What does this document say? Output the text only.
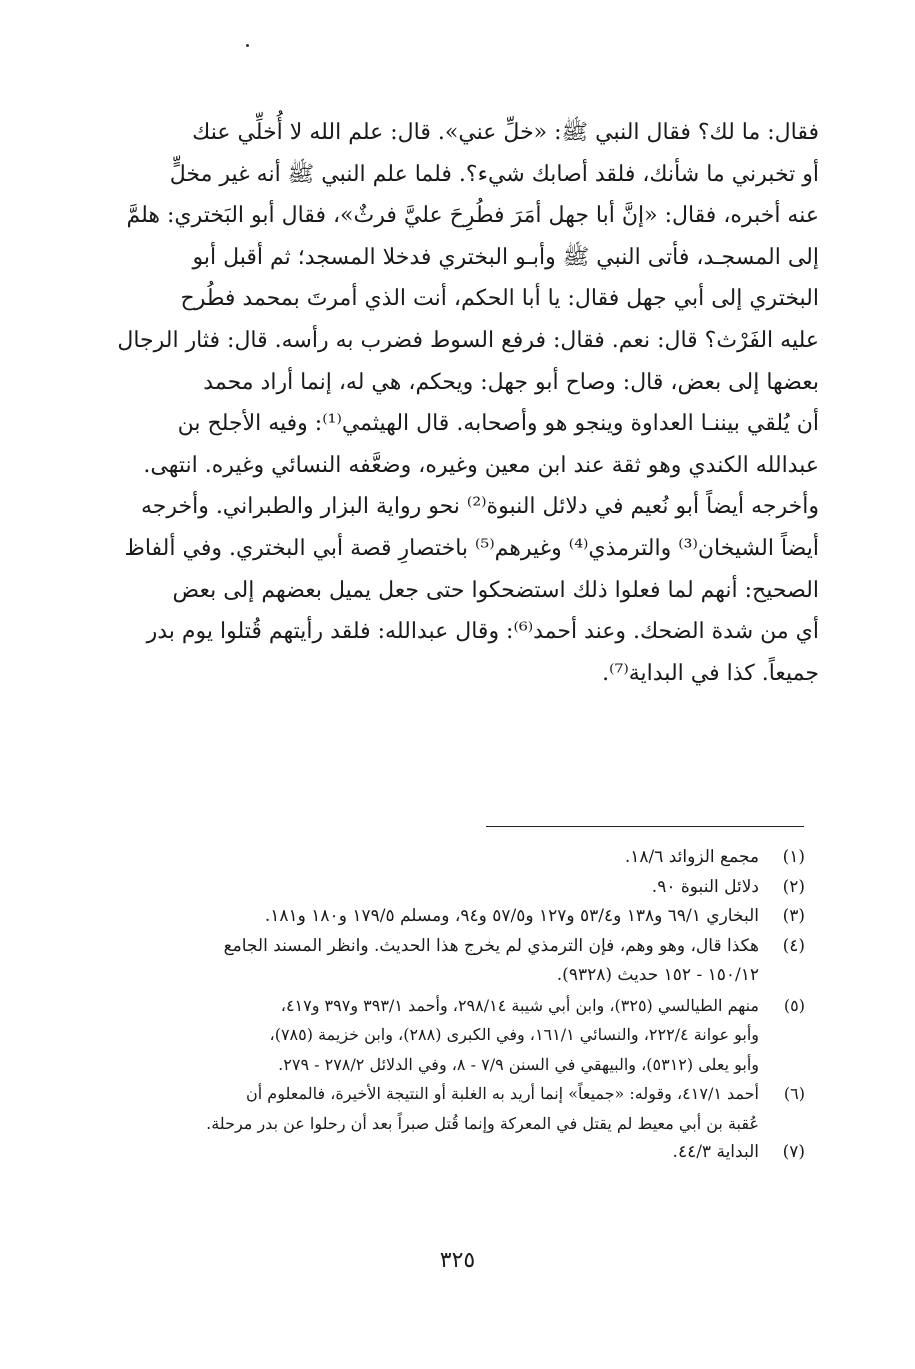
فقال: ما لك؟ فقال النبي ﷺ: «خلِّ عني». قال: علم الله لا أُخلِّي عنك

أو تخبرني ما شأنك، فلقد أصابك شيء؟. فلما علم النبي ﷺ أنه غير مخلٍّ

عنه أخبره، فقال: «إنَّ أبا جهل أمَرَ فطُرِحَ عليَّ فرثٌ»، فقال أبو البَختري: هلمَّ

إلى المسجـد، فأتى النبي ﷺ وأبـو البختري فدخلا المسجد؛ ثم أقبل أبو

البختري إلى أبي جهل فقال: يا أبا الحكم، أنت الذي أمرتَ بمحمد فطُرح

عليه الفَرْث؟ قال: نعم. فقال: فرفع السوط فضرب به رأسه. قال: فثار الرجال

بعضها إلى بعض، قال: وصاح أبو جهل: ويحكم، هي له، إنما أراد محمد

أن يُلقي بيننـا العداوة وينجو هو وأصحابه. قال الهيثمي⁽¹⁾: وفيه الأجلح بن

عبدالله الكندي وهو ثقة عند ابن معين وغيره، وضعَّفه النسائي وغيره. انتهى.

وأخرجه أيضاً أبو نُعيم في دلائل النبوة⁽²⁾ نحو رواية البزار والطبراني. وأخرجه

أيضاً الشيخان⁽³⁾ والترمذي⁽⁴⁾ وغيرهم⁽⁵⁾ باختصارِ قصة أبي البختري. وفي ألفاظ

الصحيح: أنهم لما فعلوا ذلك استضحكوا حتى جعل يميل بعضهم إلى بعض

أي من شدة الضحك. وعند أحمد⁽⁶⁾: وقال عبدالله: فلقد رأيتهم قُتلوا يوم بدر

جميعاً. كذا في البداية⁽⁷⁾.

(١)
مجمع الزوائد ١٨/٦.
(٢)
دلائل النبوة ٩٠.
(٣)
البخاري ٦٩/١ و١٣٨ و٥٣/٤ و١٢٧ و٥٧/٥ و٩٤، ومسلم ١٧٩/٥ و١٨٠ و١٨١.
(٤)
هكذا قال، وهو وهم، فإن الترمذي لم يخرج هذا الحديث. وانظر المسند الجامع
١٥٠/١٢ - ١٥٢ حديث (٩٣٢٨).
(٥)
منهم الطيالسي (٣٢٥)، وابن أبي شيبة ٢٩٨/١٤، وأحمد ٣٩٣/١ و٣٩٧ و٤١٧،
وأبو عوانة ٢٢٢/٤، والنسائي ١٦١/١، وفي الكبرى (٢٨٨)، وابن خزيمة (٧٨٥)،
وأبو يعلى (٥٣١٢)، والبيهقي في السنن ٧/٩ - ٨، وفي الدلائل ٢٧٨/٢ - ٢٧٩.
(٦)
أحمد ٤١٧/١، وقوله: «جميعاً» إنما أريد به الغلبة أو النتيجة الأخيرة، فالمعلوم أن
عُقبة بن أبي معيط لم يقتل في المعركة وإنما قُتل صبراً بعد أن رحلوا عن بدر مرحلة.
(٧)
البداية ٤٤/٣.
٣٢٥
